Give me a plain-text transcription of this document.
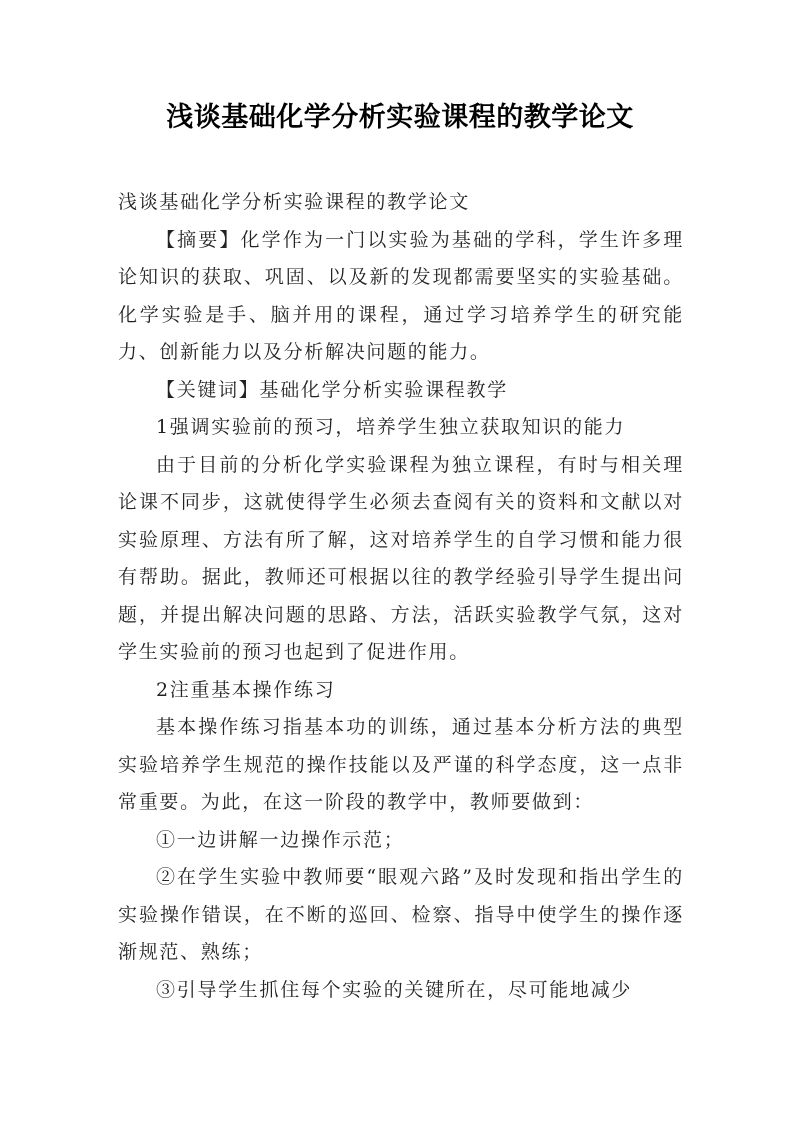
浅谈基础化学分析实验课程的教学论文

浅谈基础化学分析实验课程的教学论文

【摘要】化学作为一门以实验为基础的学科，学生许多理论知识的获取、巩固、以及新的发现都需要坚实的实验基础。化学实验是手、脑并用的课程，通过学习培养学生的研究能力、创新能力以及分析解决问题的能力。

【关键词】基础化学分析实验课程教学

1强调实验前的预习，培养学生独立获取知识的能力

由于目前的分析化学实验课程为独立课程，有时与相关理论课不同步，这就使得学生必须去查阅有关的资料和文献以对实验原理、方法有所了解，这对培养学生的自学习惯和能力很有帮助。据此，教师还可根据以往的教学经验引导学生提出问题，并提出解决问题的思路、方法，活跃实验教学气氛，这对学生实验前的预习也起到了促进作用。

2注重基本操作练习

基本操作练习指基本功的训练，通过基本分析方法的典型实验培养学生规范的操作技能以及严谨的科学态度，这一点非常重要。为此，在这一阶段的教学中，教师要做到：

①一边讲解一边操作示范；

②在学生实验中教师要“眼观六路”及时发现和指出学生的实验操作错误，在不断的巡回、检察、指导中使学生的操作逐渐规范、熟练；

③引导学生抓住每个实验的关键所在，尽可能地减少
